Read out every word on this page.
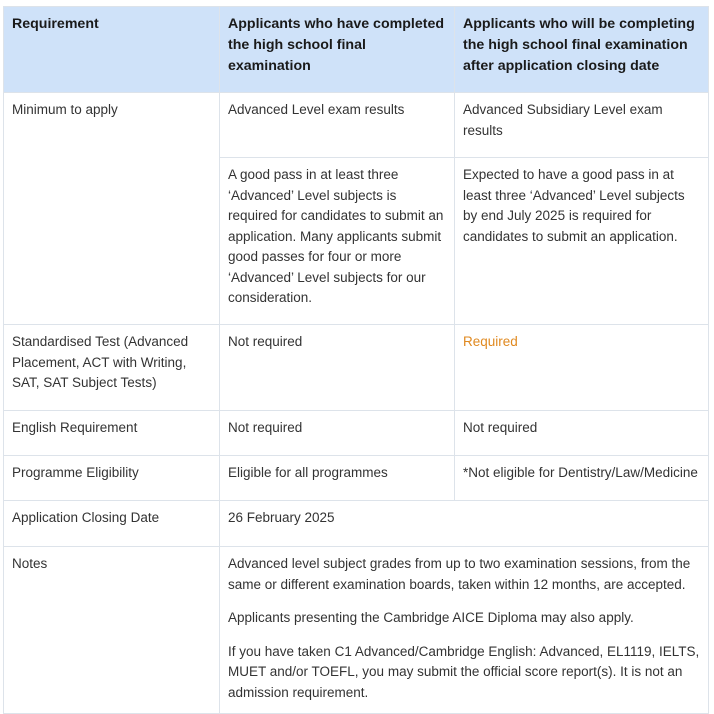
Requirement	Applicants who have completed the high school final examination	Applicants who will be completing the high school final examination after application closing date
Minimum to apply	Advanced Level exam results	Advanced Subsidiary Level exam results
	A good pass in at least three ‘Advanced’ Level subjects is required for candidates to submit an application. Many applicants submit good passes for four or more ‘Advanced’ Level subjects for our consideration.	Expected to have a good pass in at least three ‘Advanced’ Level subjects by end July 2025 is required for candidates to submit an application.
Standardised Test (Advanced Placement, ACT with Writing, SAT, SAT Subject Tests)	Not required	Required
English Requirement	Not required	Not required
Programme Eligibility	Eligible for all programmes	*Not eligible for Dentistry/Law/Medicine
Application Closing Date	26 February 2025	
Notes	Advanced level subject grades from up to two examination sessions, from the same or different examination boards, taken within 12 months, are accepted.

Applicants presenting the Cambridge AICE Diploma may also apply.

If you have taken C1 Advanced/Cambridge English: Advanced, EL1119, IELTS, MUET and/or TOEFL, you may submit the official score report(s). It is not an admission requirement.	
